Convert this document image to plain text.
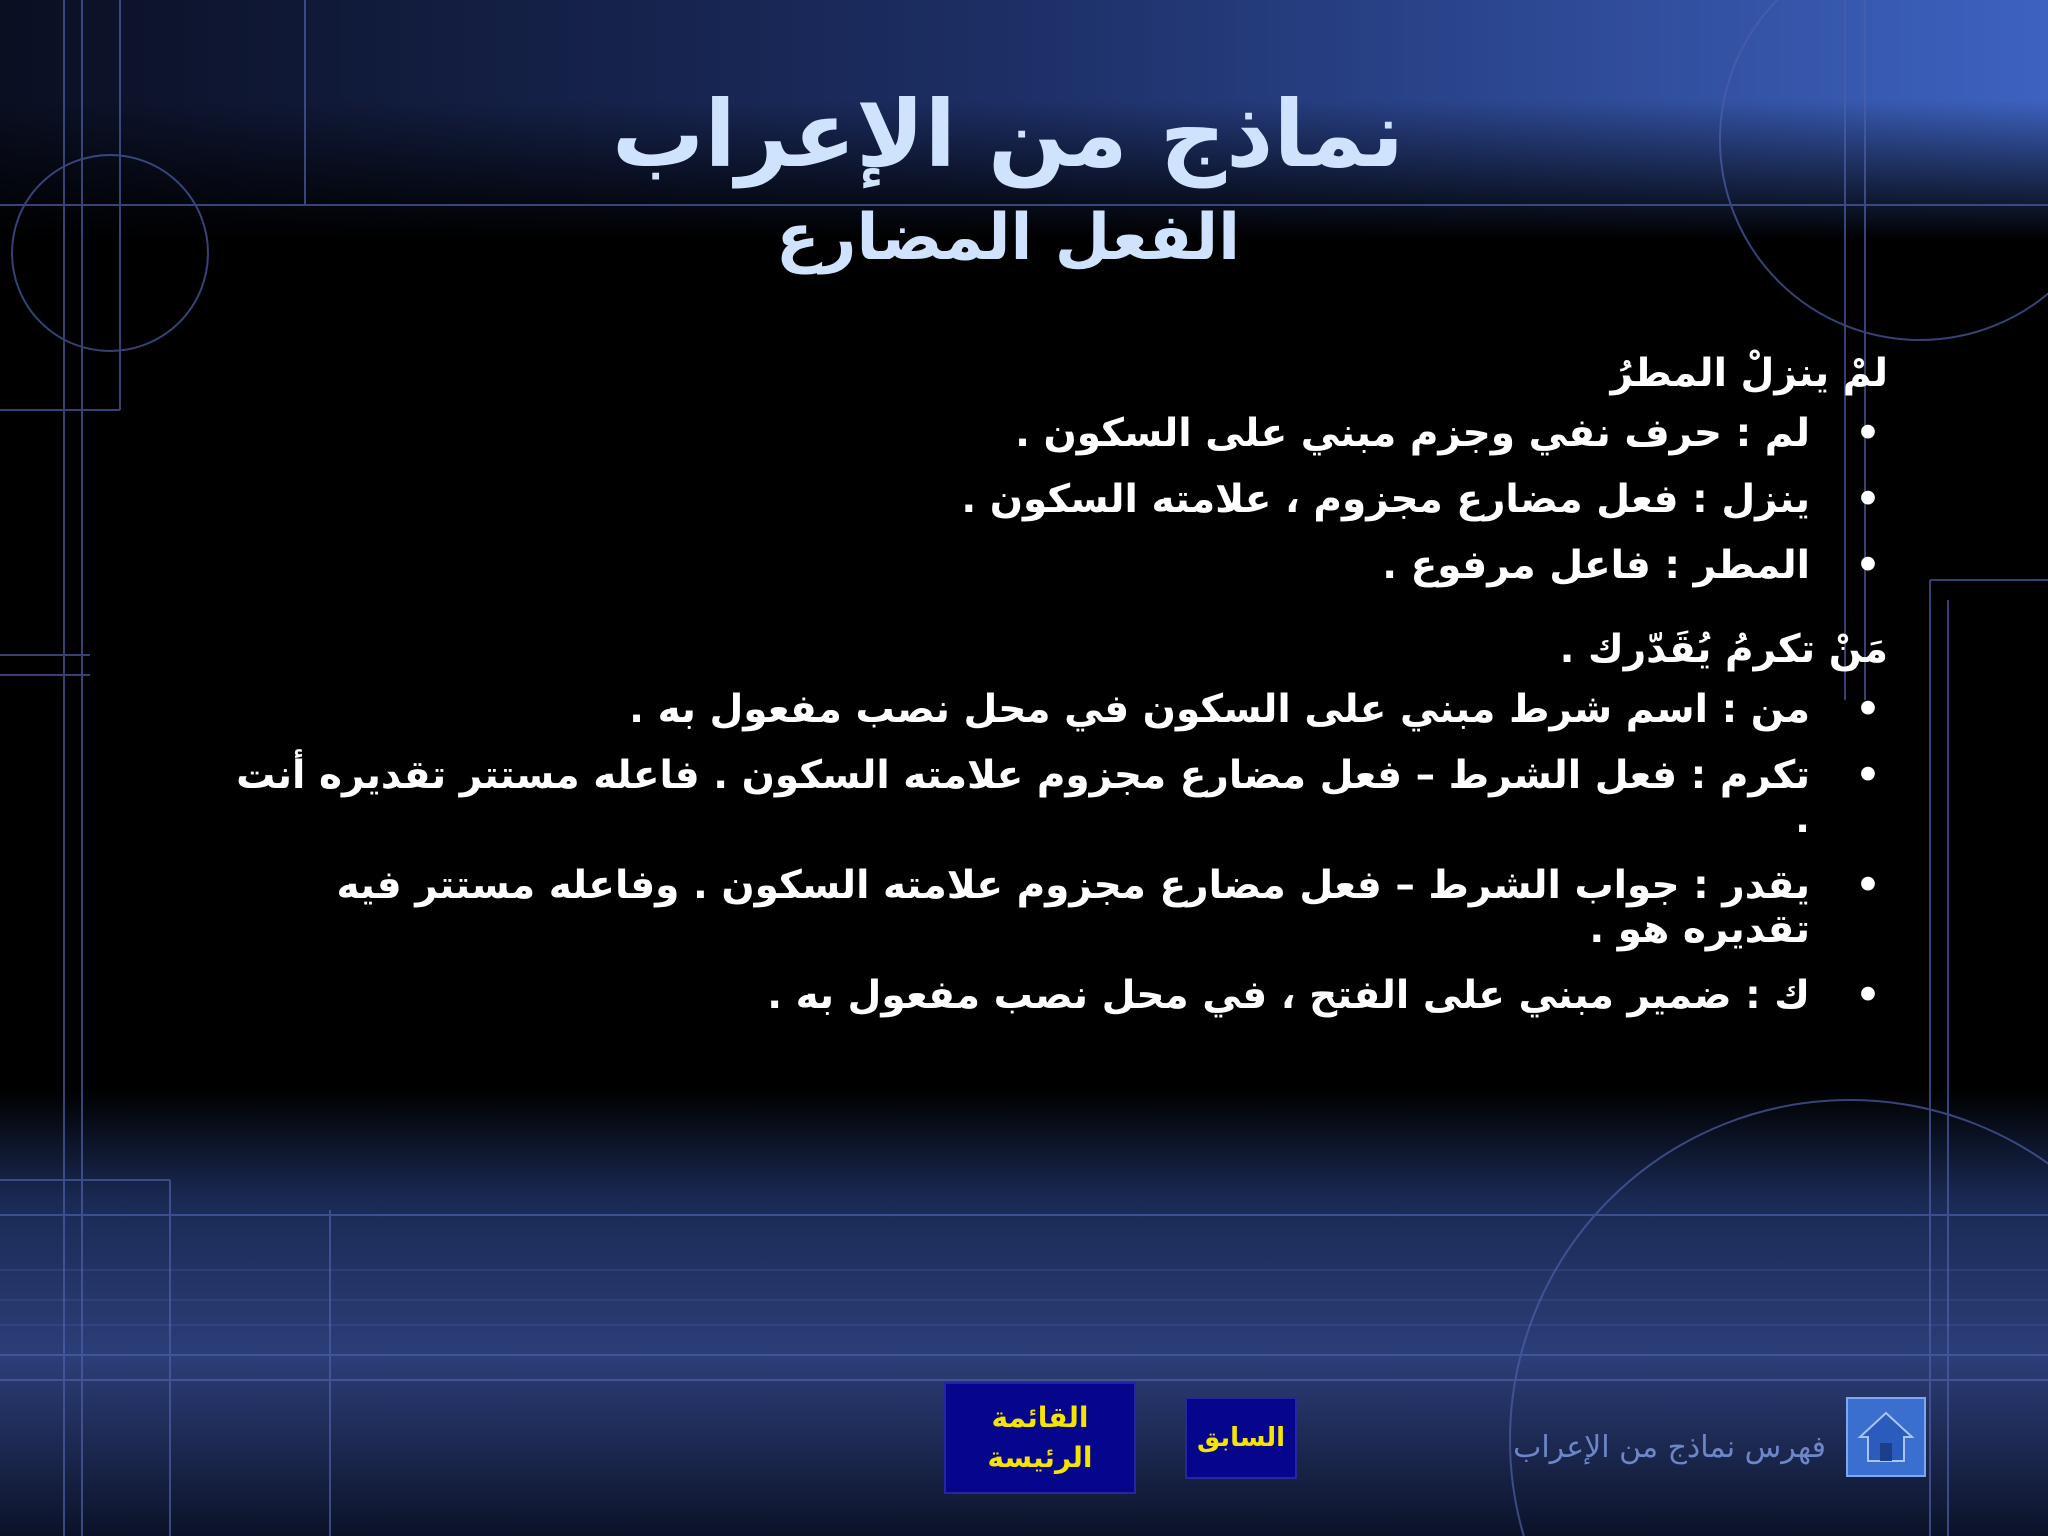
نماذج من الإعراب
الفعل المضارع

لمْ ينزلْ المطرُ

•
لم : حرف نفي وجزم مبني على السكون .
•
ينزل : فعل مضارع مجزوم ، علامته السكون .
•
المطر : فاعل مرفوع .

مَنْ تكرمُ يُقَدّرك .

•
من : اسم شرط مبني على السكون في محل نصب مفعول به .
•
تكرم : فعل الشرط – فعل مضارع مجزوم علامته السكون . فاعله مستتر تقديره أنت .
•
يقدر : جواب الشرط – فعل مضارع مجزوم علامته السكون . وفاعله مستتر فيه تقديره هو .
•
ك : ضمير مبني على الفتح ، في محل نصب مفعول به .
فهرس نماذج من الإعراب
السابق
القائمة
الرئيسة
